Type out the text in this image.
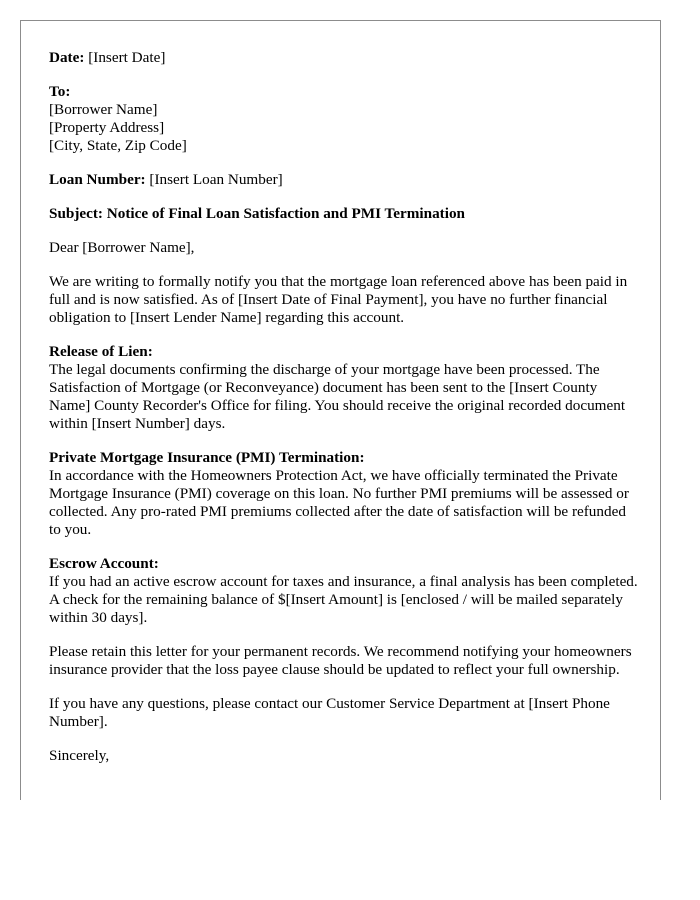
Date: [Insert Date]

To:
[Borrower Name]
[Property Address]
[City, State, Zip Code]

Loan Number: [Insert Loan Number]

Subject: Notice of Final Loan Satisfaction and PMI Termination

Dear [Borrower Name],

We are writing to formally notify you that the mortgage loan referenced above has been paid in full and is now satisfied. As of [Insert Date of Final Payment], you have no further financial obligation to [Insert Lender Name] regarding this account.

Release of Lien:
The legal documents confirming the discharge of your mortgage have been processed. The Satisfaction of Mortgage (or Reconveyance) document has been sent to the [Insert County Name] County Recorder's Office for filing. You should receive the original recorded document within [Insert Number] days.

Private Mortgage Insurance (PMI) Termination:
In accordance with the Homeowners Protection Act, we have officially terminated the Private Mortgage Insurance (PMI) coverage on this loan. No further PMI premiums will be assessed or collected. Any pro-rated PMI premiums collected after the date of satisfaction will be refunded to you.

Escrow Account:
If you had an active escrow account for taxes and insurance, a final analysis has been completed. A check for the remaining balance of $[Insert Amount] is [enclosed / will be mailed separately within 30 days].

Please retain this letter for your permanent records. We recommend notifying your homeowners insurance provider that the loss payee clause should be updated to reflect your full ownership.

If you have any questions, please contact our Customer Service Department at [Insert Phone Number].

Sincerely,
